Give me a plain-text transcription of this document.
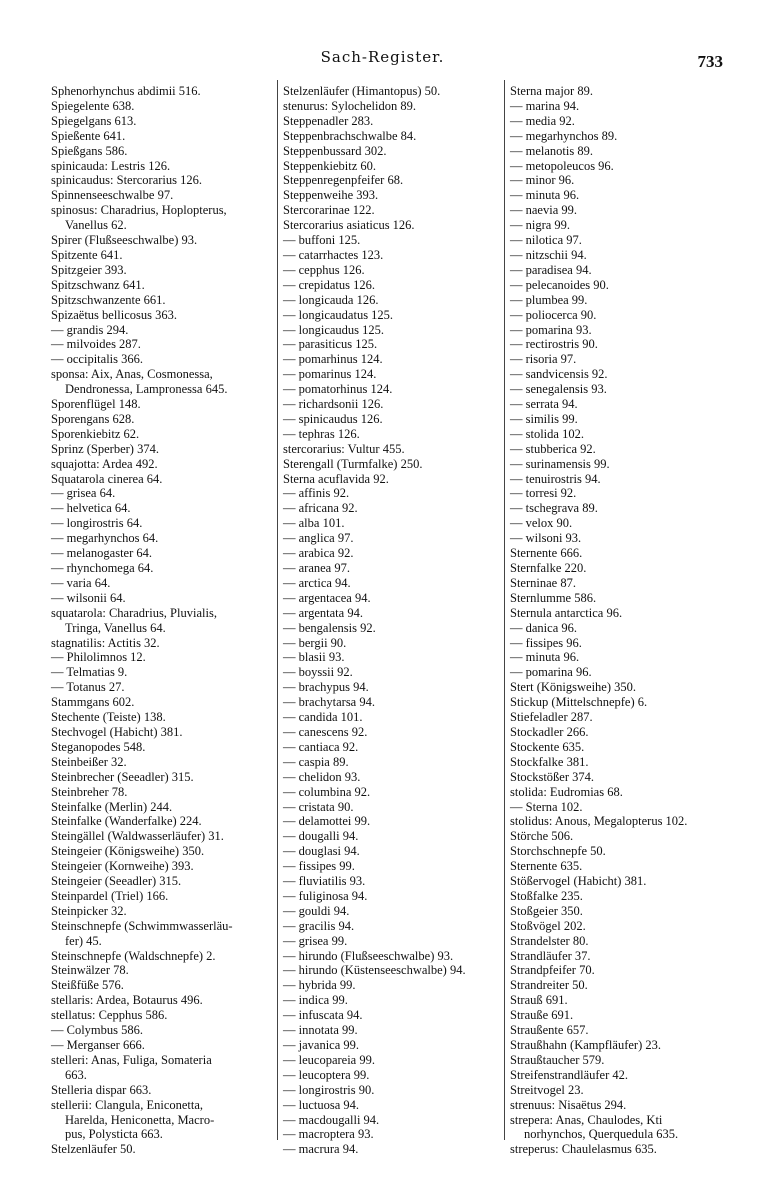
Sach-Register.	733
Sphenorhynchus abdimii 516.
Spiegelente 638.
Spiegelgans 613.
Spießente 641.
Spießgans 586.
spinicauda: Lestris 126.
spinicaudus: Stercorarius 126.
Spinnenseeschwalbe 97.
spinosus: Charadrius, Hoplopterus,
Vanellus 62.
Spirer (Flußseeschwalbe) 93.
Spitzente 641.
Spitzgeier 393.
Spitzschwanz 641.
Spitzschwanzente 661.
Spizaëtus bellicosus 363.
— grandis 294.
— milvoides 287.
— occipitalis 366.
sponsa: Aix, Anas, Cosmonessa,
Dendronessa, Lampronessa 645.
Sporenflügel 148.
Sporengans 628.
Sporenkiebitz 62.
Sprinz (Sperber) 374.
squajotta: Ardea 492.
Squatarola cinerea 64.
— grisea 64.
— helvetica 64.
— longirostris 64.
— megarhynchos 64.
— melanogaster 64.
— rhynchomega 64.
— varia 64.
— wilsonii 64.
squatarola: Charadrius, Pluvialis,
Tringa, Vanellus 64.
stagnatilis: Actitis 32.
— Philolimnos 12.
— Telmatias 9.
— Totanus 27.
Stammgans 602.
Stechente (Teiste) 138.
Stechvogel (Habicht) 381.
Steganopodes 548.
Steinbeißer 32.
Steinbrecher (Seeadler) 315.
Steinbreher 78.
Steinfalke (Merlin) 244.
Steinfalke (Wanderfalke) 224.
Steingällel (Waldwasserläufer) 31.
Steingeier (Königsweihe) 350.
Steingeier (Kornweihe) 393.
Steingeier (Seeadler) 315.
Steinpardel (Triel) 166.
Steinpicker 32.
Steinschnepfe (Schwimmwasserläu-
fer) 45.
Steinschnepfe (Waldschnepfe) 2.
Steinwälzer 78.
Steißfüße 576.
stellaris: Ardea, Botaurus 496.
stellatus: Cepphus 586.
— Colymbus 586.
— Merganser 666.
stelleri: Anas, Fuliga, Somateria
663.
Stelleria dispar 663.
stellerii: Clangula, Eniconetta,
Harelda, Heniconetta, Macro-
pus, Polysticta 663.
Stelzenläufer 50.
Stelzenläufer (Himantopus) 50.
stenurus: Sylochelidon 89.
Steppenadler 283.
Steppenbrachschwalbe 84.
Steppenbussard 302.
Steppenkiebitz 60.
Steppenregenpfeifer 68.
Steppenweihe 393.
Stercorarinae 122.
Stercorarius asiaticus 126.
— buffoni 125.
— catarrhactes 123.
— cepphus 126.
— crepidatus 126.
— longicauda 126.
— longicaudatus 125.
— longicaudus 125.
— parasiticus 125.
— pomarhinus 124.
— pomarinus 124.
— pomatorhinus 124.
— richardsonii 126.
— spinicaudus 126.
— tephras 126.
stercorarius: Vultur 455.
Sterengall (Turmfalke) 250.
Sterna acuflavida 92.
— affinis 92.
— africana 92.
— alba 101.
— anglica 97.
— arabica 92.
— aranea 97.
— arctica 94.
— argentacea 94.
— argentata 94.
— bengalensis 92.
— bergii 90.
— blasii 93.
— boyssii 92.
— brachypus 94.
— brachytarsa 94.
— candida 101.
— canescens 92.
— cantiaca 92.
— caspia 89.
— chelidon 93.
— columbina 92.
— cristata 90.
— delamottei 99.
— dougalli 94.
— douglasi 94.
— fissipes 99.
— fluviatilis 93.
— fuliginosa 94.
— gouldi 94.
— gracilis 94.
— grisea 99.
— hirundo (Flußseeschwalbe) 93.
— hirundo (Küstenseeschwalbe) 94.
— hybrida 99.
— indica 99.
— infuscata 94.
— innotata 99.
— javanica 99.
— leucopareia 99.
— leucoptera 99.
— longirostris 90.
— luctuosa 94.
— macdougalli 94.
— macroptera 93.
— macrura 94.
Sterna major 89.
— marina 94.
— media 92.
— megarhynchos 89.
— melanotis 89.
— metopoleucos 96.
— minor 96.
— minuta 96.
— naevia 99.
— nigra 99.
— nilotica 97.
— nitzschii 94.
— paradisea 94.
— pelecanoides 90.
— plumbea 99.
— poliocerca 90.
— pomarina 93.
— rectirostris 90.
— risoria 97.
— sandvicensis 92.
— senegalensis 93.
— serrata 94.
— similis 99.
— stolida 102.
— stubberica 92.
— surinamensis 99.
— tenuirostris 94.
— torresi 92.
— tschegrava 89.
— velox 90.
— wilsoni 93.
Sternente 666.
Sternfalke 220.
Sterninae 87.
Sternlumme 586.
Sternula antarctica 96.
— danica 96.
— fissipes 96.
— minuta 96.
— pomarina 96.
Stert (Königsweihe) 350.
Stickup (Mittelschnepfe) 6.
Stiefeladler 287.
Stockadler 266.
Stockente 635.
Stockfalke 381.
Stockstößer 374.
stolida: Eudromias 68.
— Sterna 102.
stolidus: Anous, Megalopterus 102.
Störche 506.
Storchschnepfe 50.
Sternente 635.
Stößervogel (Habicht) 381.
Stoßfalke 235.
Stoßgeier 350.
Stoßvögel 202.
Strandelster 80.
Strandläufer 37.
Strandpfeifer 70.
Strandreiter 50.
Strauß 691.
Strauße 691.
Straußente 657.
Straußhahn (Kampfläufer) 23.
Straußtaucher 579.
Streifenstrandläufer 42.
Streitvogel 23.
strenuus: Nisaëtus 294.
strepera: Anas, Chaulodes, Kti
norhynchos, Querquedula 635.
streperus: Chaulelasmus 635.
